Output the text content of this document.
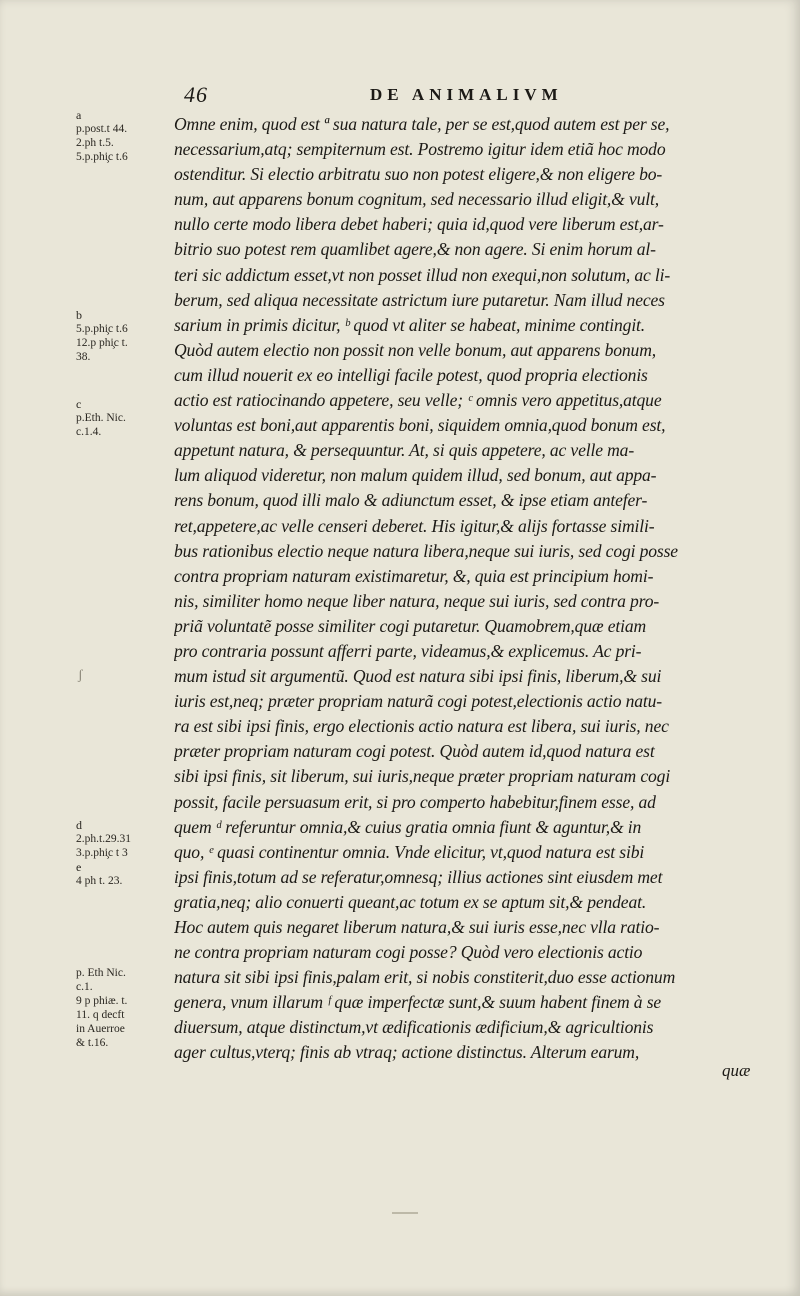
46	DE ANIMALIVM
Omne enim, quod est ª sua natura tale, per se est,quod autem est per se,
necessarium,atq; sempiternum est. Postremo igitur idem etiã hoc modo
ostenditur. Si electio arbitratu suo non potest eligere,& non eligere bo-
num, aut apparens bonum cognitum, sed necessario illud eligit,& vult,
nullo certe modo libera debet haberi; quia id,quod vere liberum est,ar-
bitrio suo potest rem quamlibet agere,& non agere. Si enim horum al-
teri sic addictum esset,vt non posset illud non exequi,non solutum, ac li-
berum, sed aliqua necessitate astrictum iure putaretur. Nam illud neces
sarium in primis dicitur, ᵇ quod vt aliter se habeat, minime contingit.
Quòd autem electio non possit non velle bonum, aut apparens bonum,
cum illud nouerit ex eo intelligi facile potest, quod propria electionis
actio est ratiocinando appetere, seu velle; ᶜ omnis vero appetitus,atque
voluntas est boni,aut apparentis boni, siquidem omnia,quod bonum est,
appetunt natura, & persequuntur. At, si quis appetere, ac velle ma-
lum aliquod videretur, non malum quidem illud, sed bonum, aut appa-
rens bonum, quod illi malo & adiunctum esset, & ipse etiam antefer-
ret,appetere,ac velle censeri deberet. His igitur,& alijs fortasse simili-
bus rationibus electio neque natura libera,neque sui iuris, sed cogi posse
contra propriam naturam existimaretur, &, quia est principium homi-
nis, similiter homo neque liber natura, neque sui iuris, sed contra pro-
priã voluntatẽ posse similiter cogi putaretur. Quamobrem,quæ etiam
pro contraria possunt afferri parte, videamus,& explicemus. Ac pri-
mum istud sit argumentũ. Quod est natura sibi ipsi finis, liberum,& sui
iuris est,neq; præter propriam naturã cogi potest,electionis actio natu-
ra est sibi ipsi finis, ergo electionis actio natura est libera, sui iuris, nec
præter propriam naturam cogi potest. Quòd autem id,quod natura est
sibi ipsi finis, sit liberum, sui iuris,neque præter propriam naturam cogi
possit, facile persuasum erit, si pro comperto habebitur,finem esse, ad
quem ᵈ referuntur omnia,& cuius gratia omnia fiunt & aguntur,& in
quo, ᵉ quasi continentur omnia. Vnde elicitur, vt,quod natura est sibi
ipsi finis,totum ad se referatur,omnesq; illius actiones sint eiusdem met
gratia,neq; alio conuerti queant,ac totum ex se aptum sit,& pendeat.
Hoc autem quis negaret liberum natura,& sui iuris esse,nec vlla ratio-
ne contra propriam naturam cogi posse? Quòd vero electionis actio
natura sit sibi ipsi finis,palam erit, si nobis constiterit,duo esse actionum
genera, vnum illarum ᶠ quæ imperfectæ sunt,& suum habent finem à se
diuersum, atque distinctum,vt ædificationis ædificium,& agricultionis
ager cultus,vterq; finis ab vtraq; actione distinctus. Alterum earum,
quæ
a
p.post.t 44.
2.ph t.5.
5.p.phi̧c t.6
b
5.p.phi̧c t.6
12.p phi̧c t.
38.
c
p.Eth. Nic.
c.1.4.
d
2.ph.t.29.31
3.p.phi̧c t 3
e
4 ph t. 23.
p. Eth Nic.
c.1.
9 p phiæ. t.
11. q decft
in Auerroe
& t.16.
ʃ
